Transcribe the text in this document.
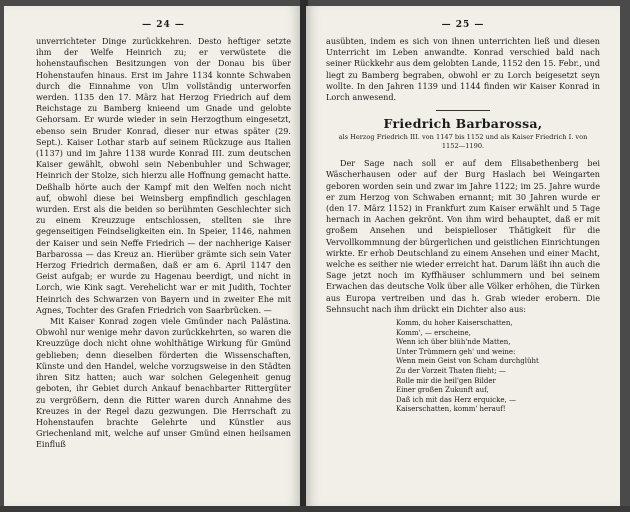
— 24 —

unverrichteter Dinge zurückkehren. Desto heftiger setzte ihm der Welfe Heinrich zu; er verwüstete die hohenstaufischen Besitzungen von der Donau bis über Hohenstaufen hinaus. Erst im Jahre 1134 konnte Schwaben durch die Einnahme von Ulm vollständig unterworfen werden. 1135 den 17. März hat Herzog Friedrich auf dem Reichstage zu Bamberg knieend um Gnade und gelobte Gehorsam. Er wurde wieder in sein Herzogthum eingesetzt, ebenso sein Bruder Konrad, dieser nur etwas später (29. Sept.). Kaiser Lothar starb auf seinem Rückzuge aus Italien (1137) und im Jahre 1138 wurde Konrad III. zum deutschen Kaiser gewählt, obwohl sein Nebenbuhler und Schwager, Heinrich der Stolze, sich hierzu alle Hoffnung gemacht hatte. Deßhalb hörte auch der Kampf mit den Welfen noch nicht auf, obwohl diese bei Weinsberg empfindlich geschlagen wurden. Erst als die beiden so berühmten Geschlechter sich zu einem Kreuzzuge entschlossen, stellten sie ihre gegenseitigen Feindseligkeiten ein. In Speier, 1146, nahmen der Kaiser und sein Neffe Friedrich — der nachherige Kaiser Barbarossa — das Kreuz an. Hierüber grämte sich sein Vater Herzog Friedrich dermaßen, daß er am 6. April 1147 den Geist aufgab; er wurde zu Hagenau beerdigt, und nicht in Lorch, wie Kink sagt. Verehelicht war er mit Judith, Tochter Heinrich des Schwarzen von Bayern und in zweiter Ehe mit Agnes, Tochter des Grafen Friedrich von Saarbrücken. —

Mit Kaiser Konrad zogen viele Gmünder nach Palästina. Obwohl nur wenige mehr davon zurückkehrten, so waren die Kreuzzüge doch nicht ohne wohlthätige Wirkung für Gmünd geblieben; denn dieselben förderten die Wissenschaften, Künste und den Handel, welche vorzugsweise in den Städten ihren Sitz hatten; auch war solchen Gelegenheit genug geboten, ihr Gebiet durch Ankauf benachbarter Rittergüter zu vergrößern, denn die Ritter waren durch Annahme des Kreuzes in der Regel dazu gezwungen. Die Herrschaft zu Hohenstaufen brachte Gelehrte und Künstler aus Griechenland mit, welche auf unser Gmünd einen heilsamen Einfluß

— 25 —

ausübten, indem es sich von ihnen unterrichten ließ und diesen Unterricht im Leben anwandte. Konrad verschied bald nach seiner Rückkehr aus dem gelobten Lande, 1152 den 15. Febr., und liegt zu Bamberg begraben, obwohl er zu Lorch beigesetzt seyn wollte. In den Jahren 1139 und 1144 finden wir Kaiser Konrad in Lorch anwesend.

Friedrich Barbarossa,
als Herzog Friedrich III. von 1147 bis 1152 und als Kaiser Friedrich I. von 1152—1190.

Der Sage nach soll er auf dem Elisabethenberg bei Wäscherhausen oder auf der Burg Haslach bei Weingarten geboren worden sein und zwar im Jahre 1122; im 25. Jahre wurde er zum Herzog von Schwaben ernannt; mit 30 Jahren wurde er (den 17. März 1152) in Frankfurt zum Kaiser erwählt und 5 Tage hernach in Aachen gekrönt. Von ihm wird behauptet, daß er mit großem Ansehen und beispielloser Thätigkeit für die Vervollkommnung der bürgerlichen und geistlichen Einrichtungen wirkte. Er erhob Deutschland zu einem Ansehen und einer Macht, welche es seither nie wieder erreicht hat. Darum läßt ihn auch die Sage jetzt noch im Kyffhäuser schlummern und bei seinem Erwachen das deutsche Volk über alle Völker erhöhen, die Türken aus Europa vertreiben und das h. Grab wieder erobern. Die Sehnsucht nach ihm drückt ein Dichter also aus:

Komm, du hoher Kaiserschatten,
Komm', — erscheine,
Wenn ich über blüh'nde Matten,
Unter Trümmern geh' und weine:
Wenn mein Geist von Scham durchglüht
Zu der Vorzeit Thaten flieht; —
Rolle mir die heil'gen Bilder
Einer großen Zukunft auf,
Daß ich mit das Herz erquicke, —
Kaiserschatten, komm' herauf!
